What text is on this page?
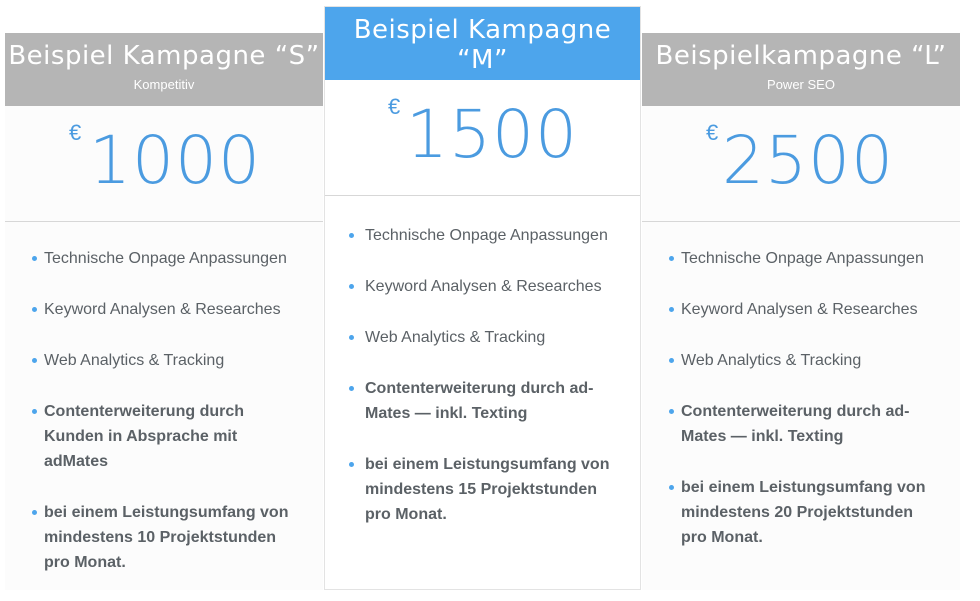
Beispiel Kampagne “S”
Kompetitiv
€ 1000
Technische Onpage Anpassungen
Keyword Analysen & Researches
Web Analytics & Tracking
Contenterweiterung durch Kunden in Absprache mit adMates
bei einem Leistungsumfang von mindestens 10 Projektstunden pro Monat.
Beispiel Kampagne “M”
Hoch Kompetitiv
€ 1500
Technische Onpage Anpassungen
Keyword Analysen & Researches
Web Analytics & Tracking
Contenterweiterung durch adMates — inkl. Texting
bei einem Leistungsumfang von mindestens 15 Projektstunden pro Monat.
Beispielkampagne “L”
Power SEO
€ 2500
Technische Onpage Anpassungen
Keyword Analysen & Researches
Web Analytics & Tracking
Contenterweiterung durch adMates — inkl. Texting
bei einem Leistungsumfang von mindestens 20 Projektstunden pro Monat.
